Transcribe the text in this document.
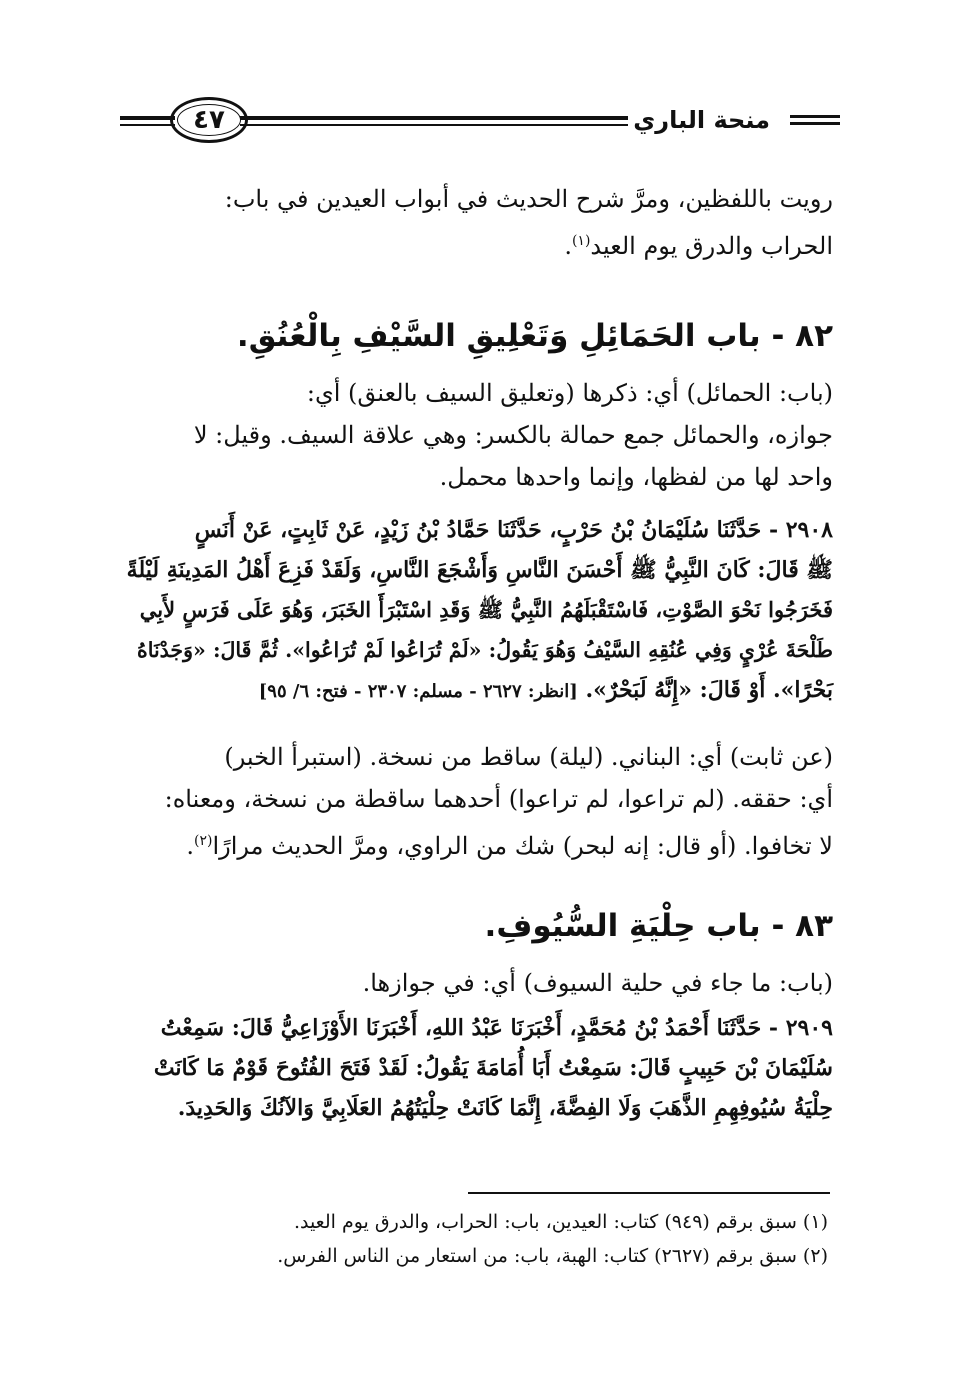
منحة الباري
٤٧
رويت باللفظين، ومرَّ شرح الحديث في أبواب العيدين في باب:
الحراب والدرق يوم العيد$^{(١)}$.
٨٢ - باب الحَمَائِلِ وَتَعْلِيقِ السَّيْفِ بِالْعُنُقِ.
(باب: الحمائل) أي: ذكرها (وتعليق السيف بالعنق) أي:
جوازه، والحمائل جمع حمالة بالكسر: وهي علاقة السيف. وقيل: لا
واحد لها من لفظها، وإنما واحدها محمل.
٢٩٠٨ - حَدَّثَنَا سُلَيْمَانُ بْنُ حَرْبٍ، حَدَّثَنَا حَمَّادُ بْنُ زَيْدٍ، عَنْ ثَابِتٍ، عَنْ أَنَسٍ
ﷺ قَالَ: كَانَ النَّبِيُّ ﷺ أَحْسَنَ النَّاسِ وَأَشْجَعَ النَّاسِ، وَلَقَدْ فَزِعَ أَهْلُ المَدِينَةِ لَيْلَةً
فَخَرَجُوا نَحْوَ الصَّوْتِ، فَاسْتَقْبَلَهُمُ النَّبِيُّ ﷺ وَقَدِ اسْتَبْرَأَ الخَبَرَ، وَهُوَ عَلَى فَرَسٍ لأَبِي
طَلْحَةَ عُرْيٍ وَفِي عُنُقِهِ السَّيْفُ وَهُوَ يَقُولُ: «لَمْ تُرَاعُوا لَمْ تُرَاعُوا». ثُمَّ قَالَ: «وَجَدْنَاهُ
بَحْرًا». أَوْ قَالَ: «إِنَّهُ لَبَحْرٌ». [انظر: ٢٦٢٧ - مسلم: ٢٣٠٧ - فتح: ٦/ ٩٥]
(عن ثابت) أي: البناني. (ليلة) ساقط من نسخة. (استبرأ الخبر)
أي: حققه. (لم تراعوا، لم تراعوا) أحدهما ساقطة من نسخة، ومعناه:
لا تخافوا. (أو قال: إنه لبحر) شك من الراوي، ومرَّ الحديث مرارًا$^{(٢)}$.
٨٣ - باب حِلْيَةِ السُّيُوفِ.
(باب: ما جاء في حلية السيوف) أي: في جوازها.
٢٩٠٩ - حَدَّثَنَا أَحْمَدُ بْنُ مُحَمَّدٍ، أَخْبَرَنَا عَبْدُ اللهِ، أَخْبَرَنَا الأَوْزَاعِيُّ قَالَ: سَمِعْتُ
سُلَيْمَانَ بْنَ حَبِيبٍ قَالَ: سَمِعْتُ أَبَا أُمَامَةَ يَقُولُ: لَقَدْ فَتَحَ الفُتُوحَ قَوْمٌ مَا كَانَتْ
حِلْيَةُ سُيُوفِهِمِ الذَّهَبَ وَلَا الفِضَّةَ، إِنَّمَا كَانَتْ حِلْيَتُهُمُ العَلَابِيَّ وَالآنُكَ وَالحَدِيدَ.
(١) سبق برقم (٩٤٩) كتاب: العيدين، باب: الحراب، والدرق يوم العيد.
(٢) سبق برقم (٢٦٢٧) كتاب: الهبة، باب: من استعار من الناس الفرس.
